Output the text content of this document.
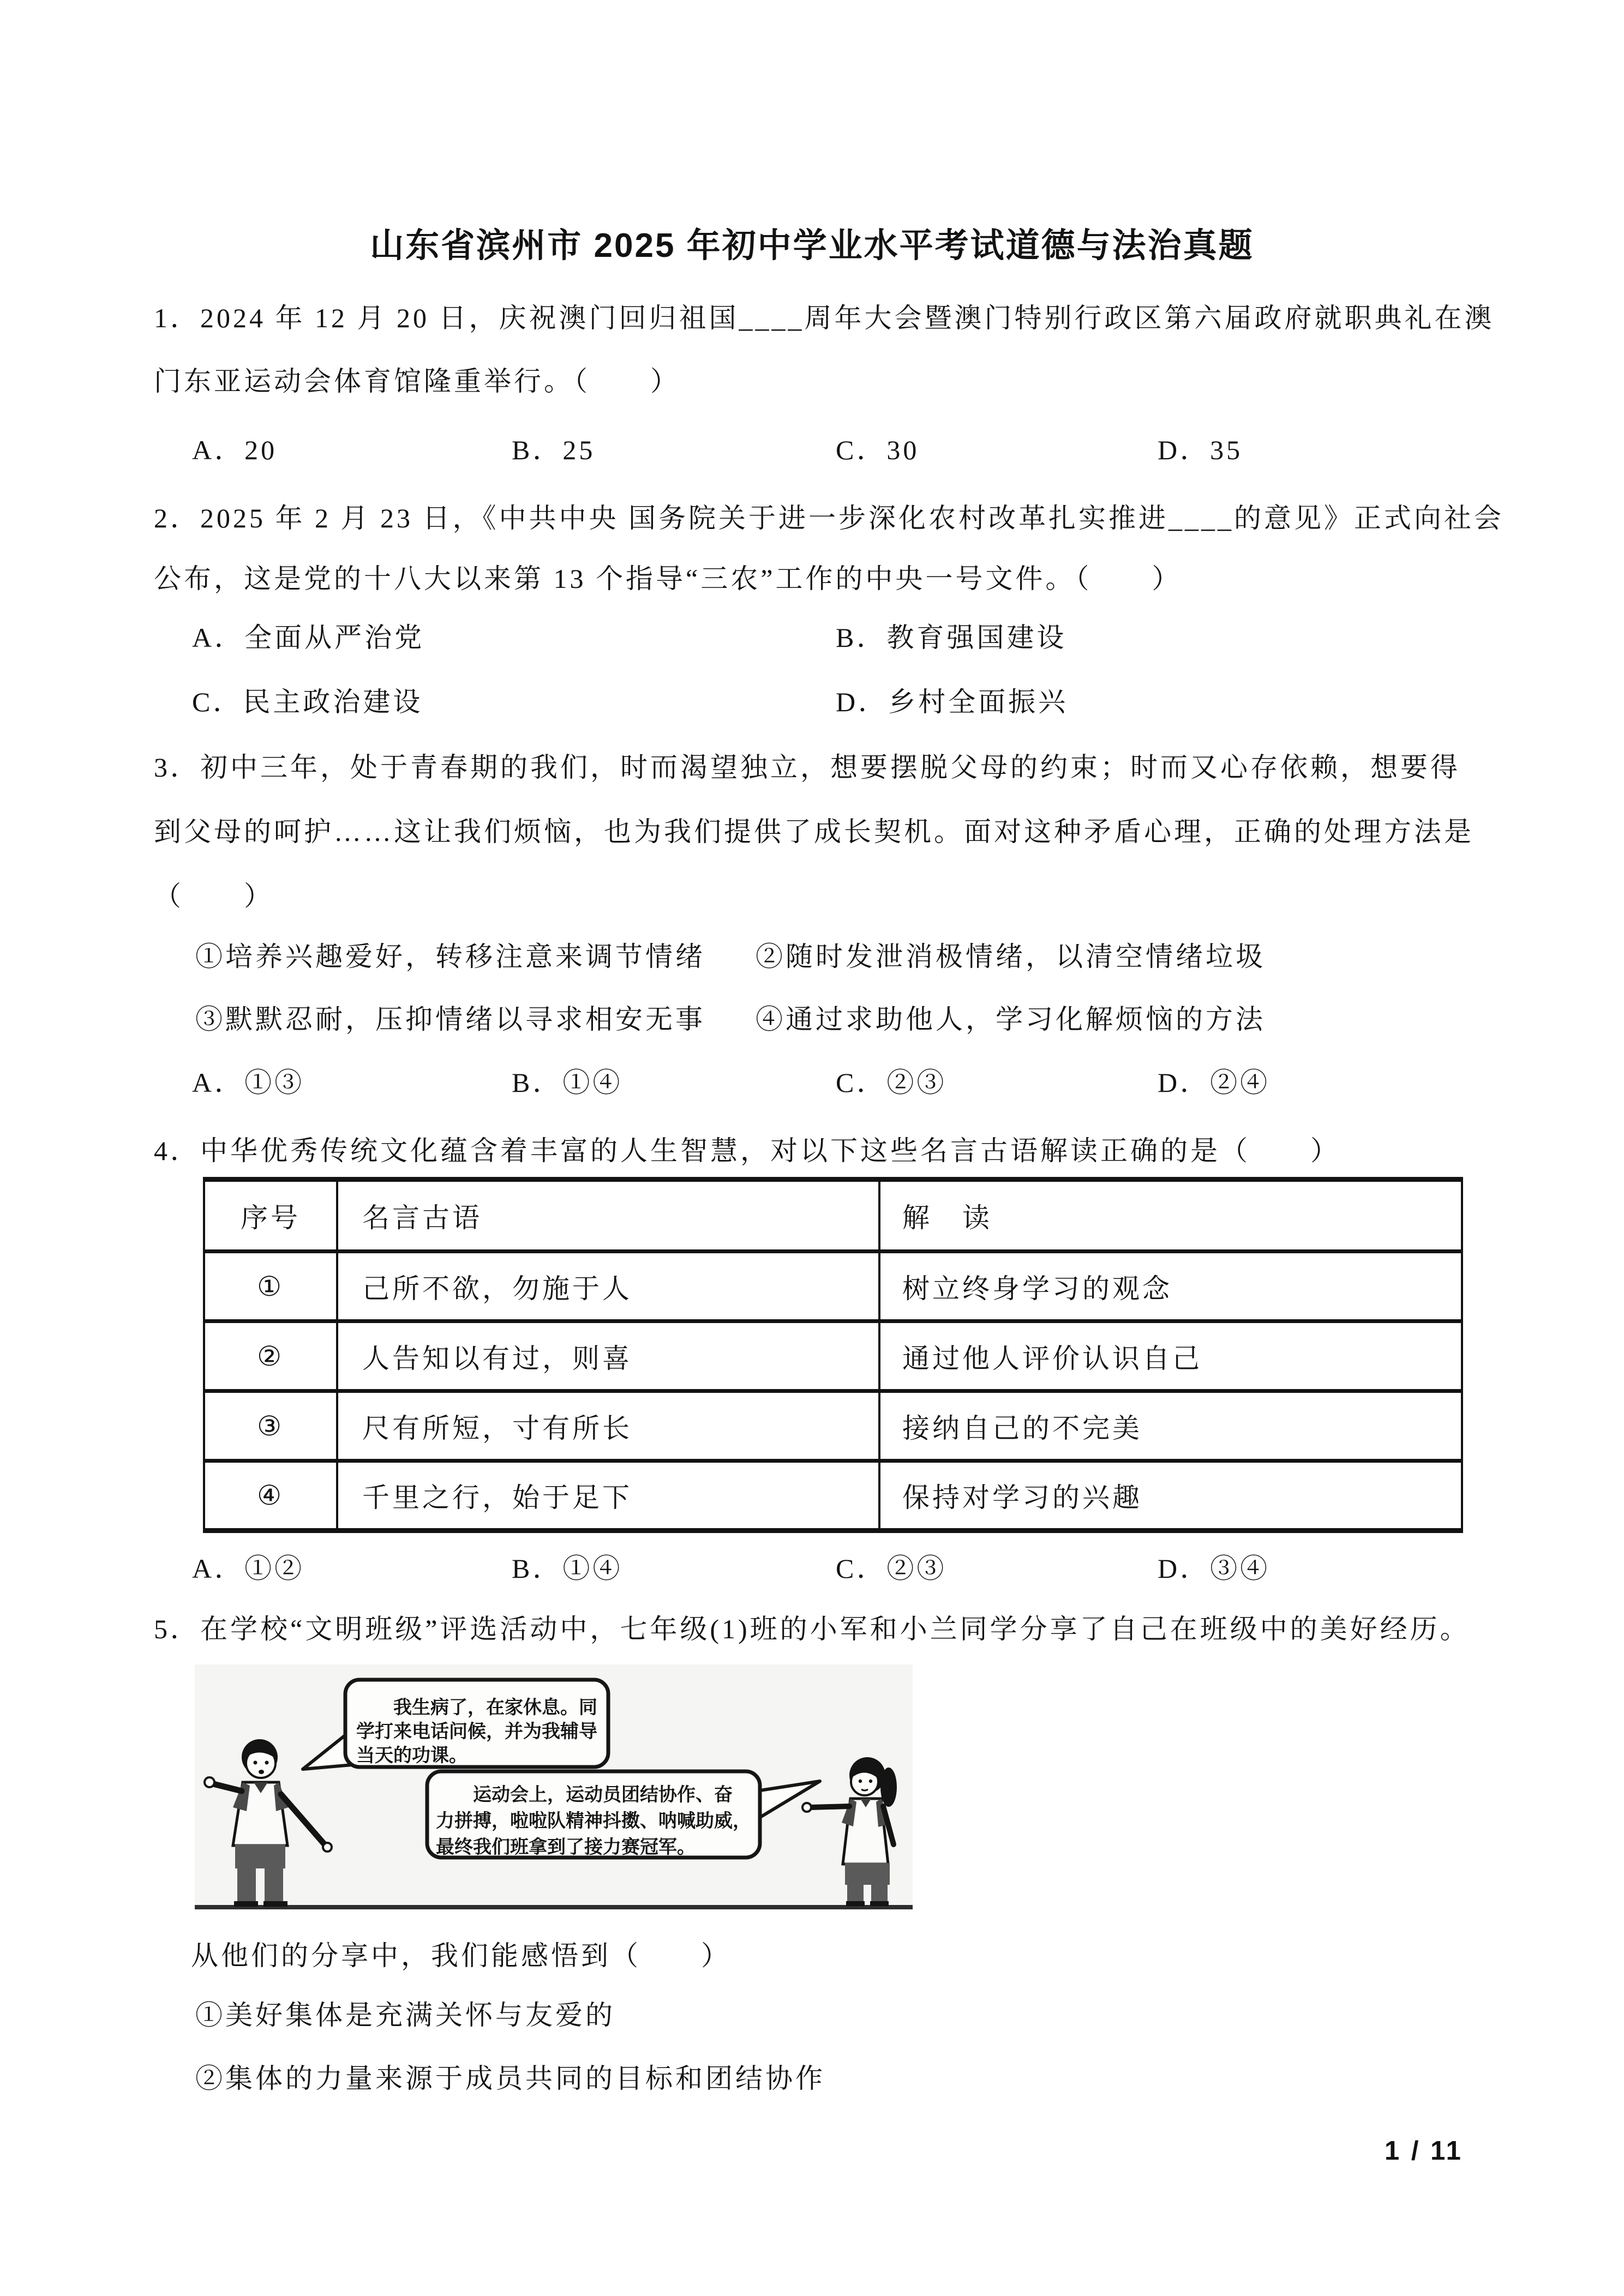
山东省滨州市 2025 年初中学业水平考试道德与法治真题
1．2024 年 12 月 20 日，庆祝澳门回归祖国____周年大会暨澳门特别行政区第六届政府就职典礼在澳
门东亚运动会体育馆隆重举行。（　　）
A．20	B．25	C．30	D．35
2．2025 年 2 月 23 日，《中共中央 国务院关于进一步深化农村改革扎实推进____的意见》正式向社会
公布，这是党的十八大以来第 13 个指导“三农”工作的中央一号文件。（　　）
A．全面从严治党	B．教育强国建设
C．民主政治建设	D．乡村全面振兴
3．初中三年，处于青春期的我们，时而渴望独立，想要摆脱父母的约束；时而又心存依赖，想要得
到父母的呵护……这让我们烦恼，也为我们提供了成长契机。面对这种矛盾心理，正确的处理方法是
（　　）
①培养兴趣爱好，转移注意来调节情绪 ②随时发泄消极情绪，以清空情绪垃圾
③默默忍耐，压抑情绪以寻求相安无事 ④通过求助他人，学习化解烦恼的方法
A．①③	B．①④	C．②③	D．②④
4．中华优秀传统文化蕴含着丰富的人生智慧，对以下这些名言古语解读正确的是（　　）
序号	名言古语	解　读
①	己所不欲，勿施于人	树立终身学习的观念
②	人告知以有过，则喜	通过他人评价认识自己
③	尺有所短，寸有所长	接纳自己的不完美
④	千里之行，始于足下	保持对学习的兴趣
A．①②	B．①④	C．②③	D．③④
5．在学校“文明班级”评选活动中，七年级(1)班的小军和小兰同学分享了自己在班级中的美好经历。
我生病了，在家休息。同
学打来电话问候，并为我辅导
当天的功课。
运动会上，运动员团结协作、奋
力拼搏，啦啦队精神抖擞、呐喊助威，
最终我们班拿到了接力赛冠军。
从他们的分享中，我们能感悟到（　　）
①美好集体是充满关怀与友爱的
②集体的力量来源于成员共同的目标和团结协作
1 / 11
